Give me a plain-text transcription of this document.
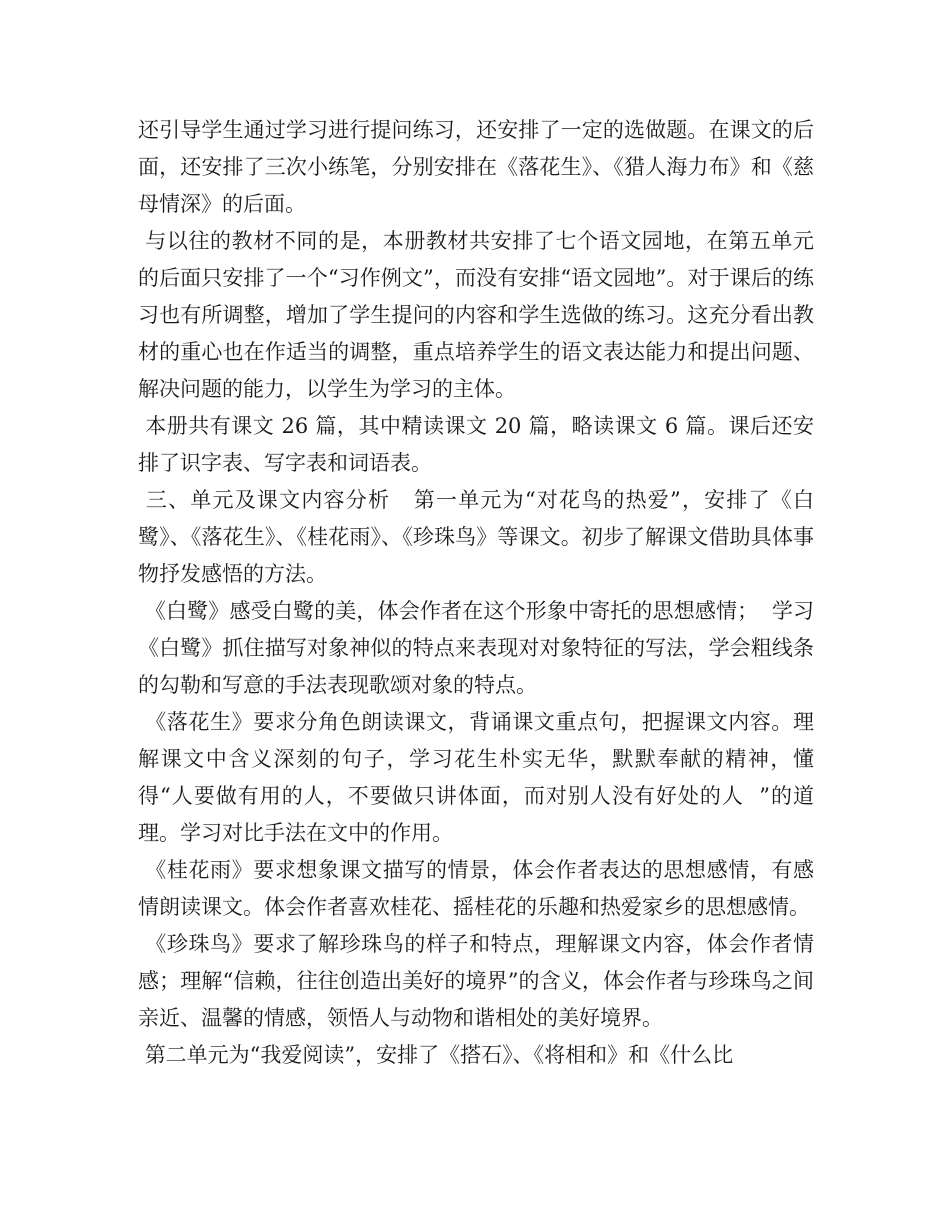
还引导学生通过学习进行提问练习，还安排了一定的选做题。在课文的后面，还安排了三次小练笔，分别安排在《落花生》、《猎人海力布》和《慈母情深》的后面。

与以往的教材不同的是，本册教材共安排了七个语文园地，在第五单元的后面只安排了一个“习作例文”，而没有安排“语文园地”。对于课后的练习也有所调整，增加了学生提问的内容和学生选做的练习。这充分看出教材的重心也在作适当的调整，重点培养学生的语文表达能力和提出问题、解决问题的能力，以学生为学习的主体。

本册共有课文 26 篇，其中精读课文 20 篇，略读课文 6 篇。课后还安排了识字表、写字表和词语表。

三、单元及课文内容分析   第一单元为“对花鸟的热爱”，安排了《白鹭》、《落花生》、《桂花雨》、《珍珠鸟》等课文。初步了解课文借助具体事物抒发感悟的方法。

《白鹭》感受白鹭的美，体会作者在这个形象中寄托的思想感情；  学习《白鹭》抓住描写对象神似的特点来表现对对象特征的写法，学会粗线条的勾勒和写意的手法表现歌颂对象的特点。

《落花生》要求分角色朗读课文，背诵课文重点句，把握课文内容。理解课文中含义深刻的句子，学习花生朴实无华，默默奉献的精神，懂得“人要做有用的人，不要做只讲体面，而对别人没有好处的人  ”的道理。学习对比手法在文中的作用。

《桂花雨》要求想象课文描写的情景，体会作者表达的思想感情，有感情朗读课文。体会作者喜欢桂花、摇桂花的乐趣和热爱家乡的思想感情。

《珍珠鸟》要求了解珍珠鸟的样子和特点，理解课文内容，体会作者情感；理解“信赖，往往创造出美好的境界”的含义，体会作者与珍珠鸟之间亲近、温馨的情感，领悟人与动物和谐相处的美好境界。

第二单元为“我爱阅读”，安排了《搭石》、《将相和》和《什么比
